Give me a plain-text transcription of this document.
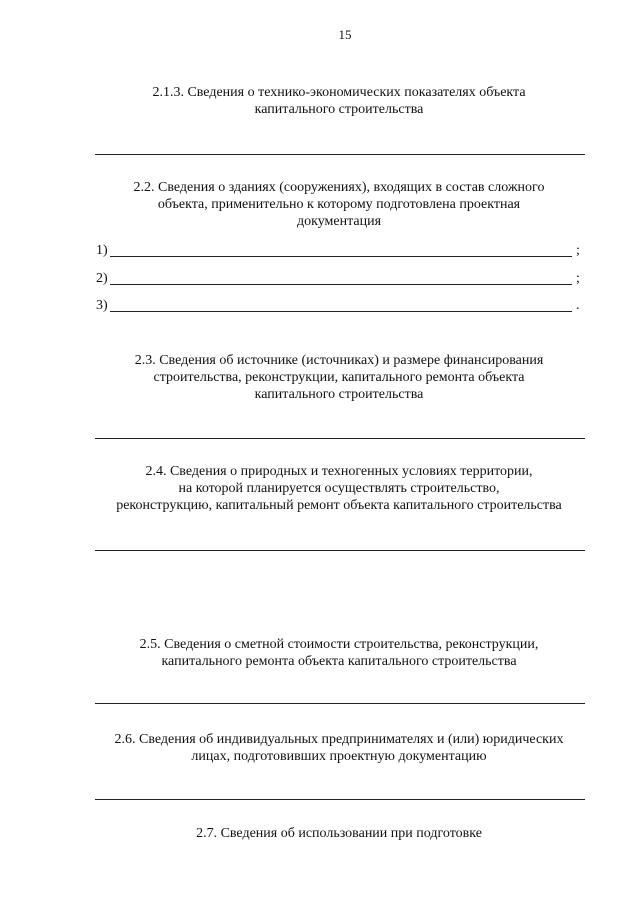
15
2.1.3. Сведения о технико-экономических показателях объекта
капитального строительства
2.2. Сведения о зданиях (сооружениях), входящих в состав сложного
объекта, применительно к которому подготовлена проектная
документация
1)	;
2)	;
3)	.
2.3. Сведения об источнике (источниках) и размере финансирования
строительства, реконструкции, капитального ремонта объекта
капитального строительства
2.4. Сведения о природных и техногенных условиях территории,
на которой планируется осуществлять строительство,
реконструкцию, капитальный ремонт объекта капитального строительства
2.5. Сведения о сметной стоимости строительства, реконструкции,
капитального ремонта объекта капитального строительства
2.6. Сведения об индивидуальных предпринимателях и (или) юридических
лицах, подготовивших проектную документацию
2.7. Сведения об использовании при подготовке
